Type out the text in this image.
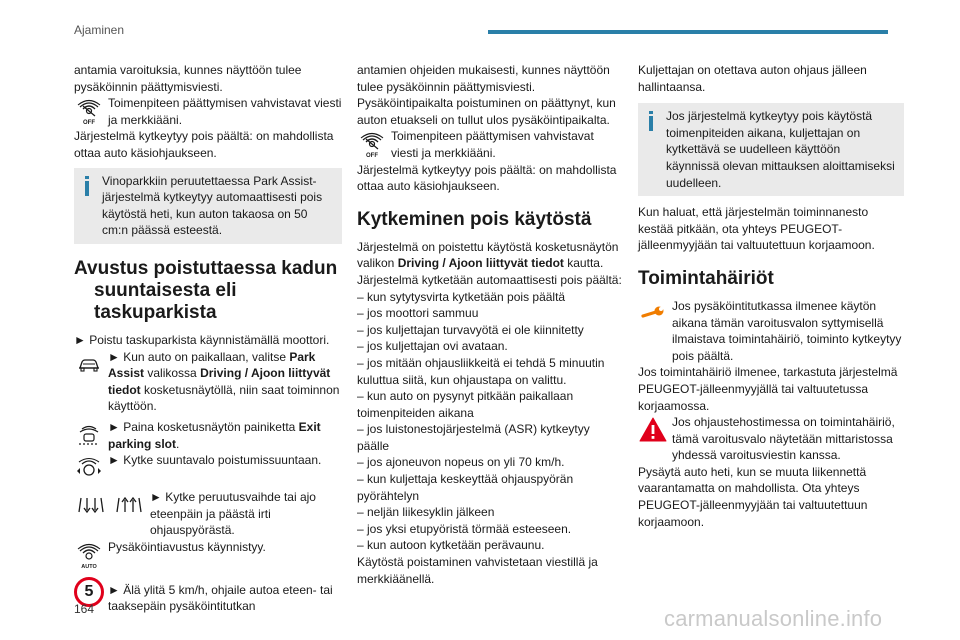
Ajaminen
antamia varoituksia, kunnes näyttöön tulee pysäköinnin päättymisviesti.
OFF
Toimenpiteen päättymisen vahvistavat viesti ja merkkiääni.
Järjestelmä kytkeytyy pois päältä: on mahdollista ottaa auto käsiohjaukseen.
Vinoparkkiin peruutettaessa Park Assist-järjestelmä kytkeytyy automaattisesti pois käytöstä heti, kun auton takaosa on 50 cm:n päässä esteestä.
Avustus poistuttaessa kadun suuntaisesta eli taskuparkista
► Poistu taskuparkista käynnistämällä moottori.
► Kun auto on paikallaan, valitse Park Assist valikossa Driving / Ajoon liittyvät tiedot kosketusnäytöllä, niin saat toiminnon käyttöön.
► Paina kosketusnäytön painiketta Exit parking slot.
► Kytke suuntavalo poistumissuuntaan.
► Kytke peruutusvaihde tai ajo eteenpäin ja päästä irti ohjauspyörästä.
AUTO
Pysäköintiavustus käynnistyy.
5	► Älä ylitä 5 km/h, ohjaile autoa eteen- tai taaksepäin pysäköintitutkan
antamien ohjeiden mukaisesti, kunnes näyttöön tulee pysäköinnin päättymisviesti.
Pysäköintipaikalta poistuminen on päättynyt, kun auton etuakseli on tullut ulos pysäköintipaikalta.
OFF
Toimenpiteen päättymisen vahvistavat viesti ja merkkiääni.
Järjestelmä kytkeytyy pois päältä: on mahdollista ottaa auto käsiohjaukseen.
Kytkeminen pois käytöstä
Järjestelmä on poistettu käytöstä kosketusnäytön valikon Driving / Ajoon liittyvät tiedot kautta.
Järjestelmä kytketään automaattisesti pois päältä:
– kun sytytysvirta kytketään pois päältä
– jos moottori sammuu
– jos kuljettajan turvavyötä ei ole kiinnitetty
– jos kuljettajan ovi avataan.
– jos mitään ohjausliikkeitä ei tehdä 5 minuutin kuluttua siitä, kun ohjaustapa on valittu.
– kun auto on pysynyt pitkään paikallaan toimenpiteiden aikana
– jos luistonestojärjestelmä (ASR) kytkeytyy päälle
– jos ajoneuvon nopeus on yli 70 km/h.
– kun kuljettaja keskeyttää ohjauspyörän pyörähtelyn
– neljän liikesyklin jälkeen
– jos yksi etupyöristä törmää esteeseen.
– kun autoon kytketään perävaunu.
Käytöstä poistaminen vahvistetaan viestillä ja merkkiäänellä.
Kuljettajan on otettava auton ohjaus jälleen hallintaansa.
Jos järjestelmä kytkeytyy pois käytöstä toimenpiteiden aikana, kuljettajan on kytkettävä se uudelleen käyttöön käynnissä olevan mittauksen aloittamiseksi uudelleen.
Kun haluat, että järjestelmän toiminnanesto kestää pitkään, ota yhteys PEUGEOT-jälleenmyyjään tai valtuutettuun korjaamoon.
Toimintahäiriöt
Jos pysäköintitutkassa ilmenee käytön aikana tämän varoitusvalon syttymisellä ilmaistava toimintahäiriö, toiminto kytkeytyy pois päältä.
Jos toimintahäiriö ilmenee, tarkastuta järjestelmä PEUGEOT-jälleenmyyjällä tai valtuutetussa korjaamossa.
Jos ohjaustehostimessa on toimintahäiriö, tämä varoitusvalo näytetään mittaristossa yhdessä varoitusviestin kanssa.
Pysäytä auto heti, kun se muuta liikennettä vaarantamatta on mahdollista. Ota yhteys PEUGEOT-jälleenmyyjään tai valtuutettuun korjaamoon.
164	carmanualsonline.info
